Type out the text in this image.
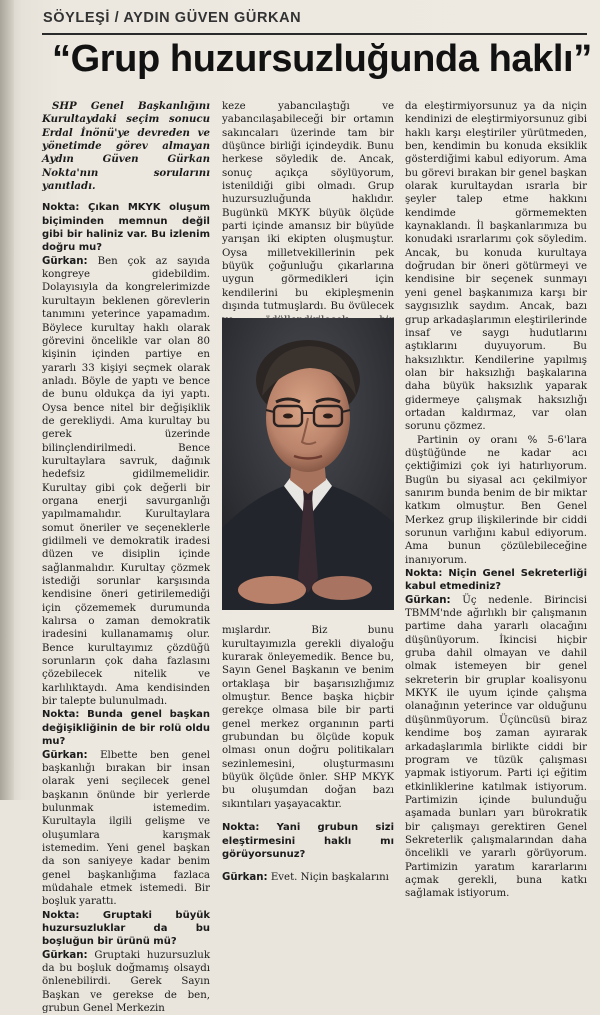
SÖYLEŞİ / AYDIN GÜVEN GÜRKAN
“Grup huzursuzluğunda haklı”

SHP Genel Başkanlığını Kurultaydaki seçim sonucu Erdal İnönü'ye devreden ve yönetimde görev almayan Aydın Güven Gürkan Nokta'nın sorularını yanıtladı.

Nokta: Çıkan MKYK oluşum biçiminden memnun değil gibi bir haliniz var. Bu izlenim doğru mu?

Gürkan: Ben çok az sayıda kongreye gidebildim. Dolayısıyla da kongrelerimizde kurultayın beklenen görevlerin tanımını yeterince yapamadım. Böylece kurultay haklı olarak görevini öncelikle var olan 80 kişinin içinden partiye en yararlı 33 kişiyi seçmek olarak anladı. Böyle de yaptı ve bence de bunu oldukça da iyi yaptı. Oysa bence nitel bir değişiklik de gerekliydi. Ama kurultay bu gerek üzerinde bilinçlendirilmedi. Bence kurultaylara savruk, dağınık hedefsiz gidilmemelidir. Kurultay gibi çok değerli bir organa enerji savurganlığı yapılmamalıdır. Kurultaylara somut öneriler ve seçeneklerle gidilmeli ve demokratik iradesi düzen ve disiplin içinde sağlanmalıdır. Kurultay çözmek istediği sorunlar karşısında kendisine öneri getirilemediği için çözememek durumunda kalırsa o zaman demokratik iradesini kullanamamış olur. Bence kurultayımız çözdüğü sorunların çok daha fazlasını çözebilecek nitelik ve karlılıktaydı. Ama kendisinden bir talepte bulunulmadı.

Nokta: Bunda genel başkan değişikliğinin de bir rolü oldu mu?

Gürkan: Elbette ben genel başkanlığı bırakan bir insan olarak yeni seçilecek genel başkanın önünde bir yerlerde bulunmak istemedim. Kurultayla ilgili gelişme ve oluşumlara karışmak istemedim. Yeni genel başkan da son saniyeye kadar benim genel başkanlığıma fazlaca müdahale etmek istemedi. Bir boşluk yarattı.

Nokta: Gruptaki büyük huzursuzluklar da bu boşluğun bir ürünü mü?

Gürkan: Gruptaki huzursuzluk da bu boşluk doğmamış olsaydı önlenebilirdi. Gerek Sayın Başkan ve gerekse de ben, grubun Genel Merkezin

keze yabancılaştığı ve yabancılaşabileceği bir ortamın sakıncaları üzerinde tam bir düşünce birliği içindeydik. Bunu herkese söyledik de. Ancak, sonuç açıkça söylüyorum, istenildiği gibi olmadı. Grup huzursuzluğunda haklıdır. Bugünkü MKYK büyük ölçüde parti içinde amansız bir büyüde yarışan iki ekipten oluşmuştur. Oysa milletvekillerinin pek büyük çoğunluğu çıkarlarına uygun görmedikleri için kendilerini bu ekipleşmenin dışında tutmuşlardı. Bu övülecek

mışlardır. Biz bunu kurultayımızla gerekli diyaloğu kurarak önleyemedik. Bence bu, Sayın Genel Başkanın ve benim ortaklaşa bir başarısızlığımız olmuştur. Bence başka hiçbir gerekçe olmasa bile bir parti genel merkez organının parti grubundan bu ölçüde kopuk olması onun doğru politikaları sezinlemesini, oluşturmasını büyük ölçüde önler. SHP MKYK bu oluşumdan doğan bazı sıkıntıları yaşayacaktır.

Nokta: Yani grubun sizi eleştirmesini haklı mı görüyorsunuz?

Gürkan: Evet. Niçin başkalarını

da eleştirmiyorsunuz ya da niçin kendinizi de eleştirmiyorsunuz gibi haklı karşı eleştiriler yürütmeden, ben, kendimin bu konuda eksiklik gösterdiğimi kabul ediyorum. Ama bu görevi bırakan bir genel başkan olarak kurultaydan ısrarla bir şeyler talep etme hakkını kendimde görmemekten kaynaklandı. İl başkanlarımıza bu konudaki ısrarlarımı çok söyledim. Ancak, bu konuda kurultaya doğrudan bir öneri götürmeyi ve kendisine bir seçenek sunmayı yeni genel başkanımıza karşı bir saygısızlık saydım. Ancak, bazı grup arkadaşlarımın eleştirilerinde insaf ve saygı hudutlarını aştıklarını duyuyorum. Bu haksızlıktır. Kendilerine yapılmış olan bir haksızlığı başkalarına daha büyük haksızlık yaparak gidermeye çalışmak haksızlığı ortadan kaldırmaz, var olan sorunu çözmez.

Partinin oy oranı % 5-6'lara düştüğünde ne kadar acı çektiğimizi çok iyi hatırlıyorum. Bugün bu siyasal acı çekilmiyor sanırım bunda benim de bir miktar katkım olmuştur. Ben Genel Merkez grup ilişkilerinde bir ciddi sorunun varlığını kabul ediyorum. Ama bunun çözülebileceğine inanıyorum.

Nokta: Niçin Genel Sekreterliği kabul etmediniz?

Gürkan: Üç nedenle. Birincisi TBMM'nde ağırlıklı bir çalışmanın partime daha yararlı olacağını düşünüyorum. İkincisi hiçbir gruba dahil olmayan ve dahil olmak istemeyen bir genel sekreterin bir gruplar koalisyonu MKYK ile uyum içinde çalışma olanağının yeterince var olduğunu düşünmüyorum. Üçüncüsü biraz kendime boş zaman ayırarak arkadaşlarımla birlikte ciddi bir program ve tüzük çalışması yapmak istiyorum. Parti içi eğitim etkinliklerine katılmak istiyorum. Partimizin içinde bulunduğu aşamada bunları yarı bürokratik bir çalışmayı gerektiren Genel Sekreterlik çalışmalarından daha öncelikli ve yararlı görüyorum. Partimizin yaratım kararlarını açmak gerekli, buna katkı sağlamak istiyorum.
